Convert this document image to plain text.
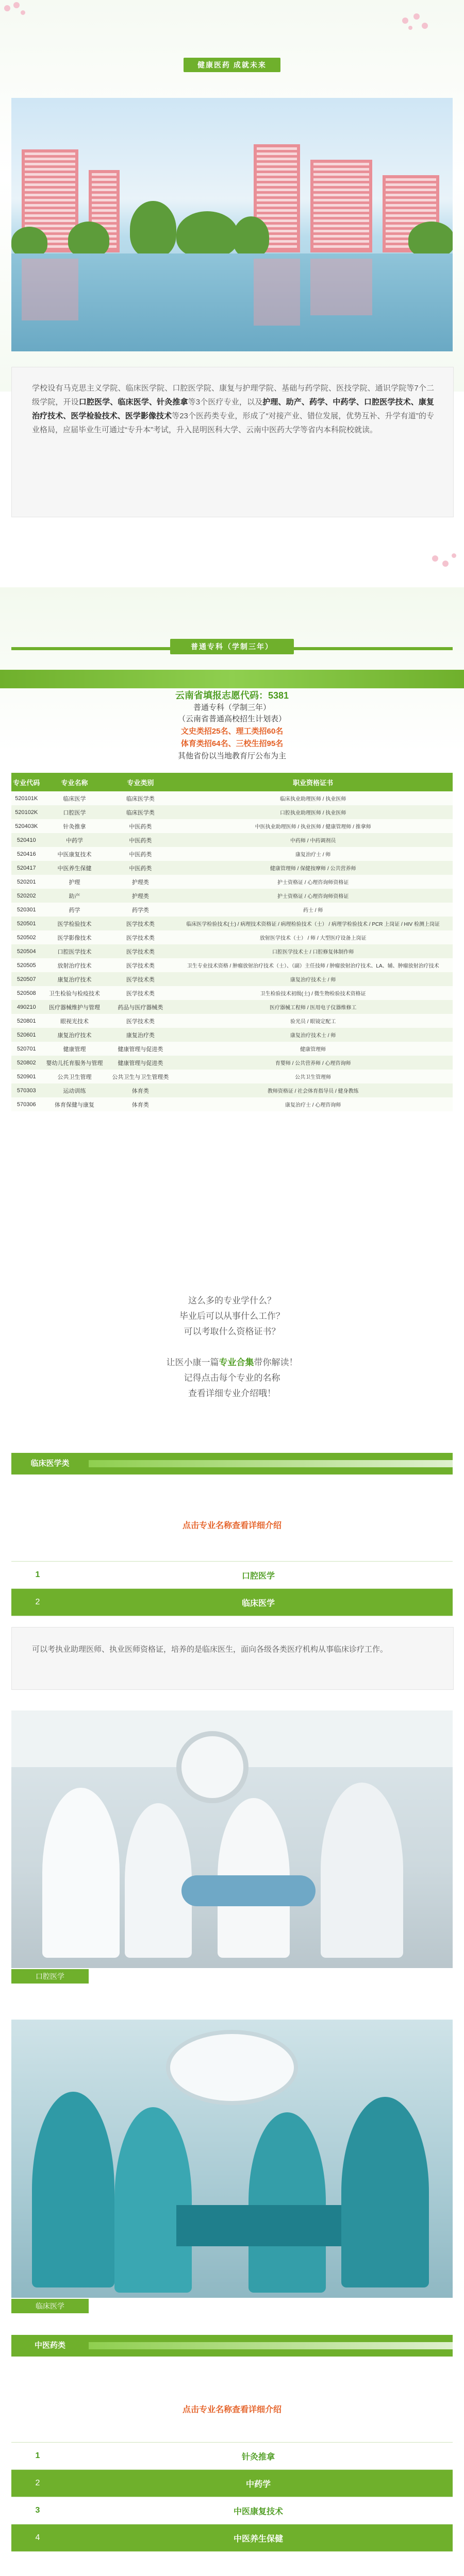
健康医药 成就未来
学校设有马克思主义学院、临床医学院、口腔医学院、康复与护理学院、基础与药学院、医技学院、通识学院等7个二级学院，开设口腔医学、临床医学、针灸推拿等3个医疗专业，以及护理、助产、药学、中药学、口腔医学技术、康复治疗技术、医学检验技术、医学影像技术等23个医药类专业，形成了“对接产业、错位发展，优势互补、升学有道”的专业格局，应届毕业生可通过“专升本”考试，升入昆明医科大学、云南中医药大学等省内本科院校就读。
普通专科（学制三年）
云南省填报志愿代码：5381
普通专科（学制三年）
（云南省普通高校招生计划表）
文史类招25名、理工类招60名
体育类招64名、三校生招95名
其他省份以当地教育厅公布为主
专业代码	专业名称	专业类别	职业资格证书
520101K	临床医学	临床医学类	临床执业助理医师 / 执业医师
520102K	口腔医学	临床医学类	口腔执业助理医师 / 执业医师
520403K	针灸推拿	中医药类	中医执业助理医师 / 执业医师 / 健康管理师 / 推拿师
520410	中药学	中医药类	中药师 / 中药调剂员
520416	中医康复技术	中医药类	康复治疗士 / 师
520417	中医养生保健	中医药类	健康管理师 / 保健按摩师 / 公共营养师
520201	护理	护理类	护士资格证 / 心理咨询师资格证
520202	助产	护理类	护士资格证 / 心理咨询师资格证
520301	药学	药学类	药士 / 师
520501	医学检验技术	医学技术类	临床医学检验技术(士) / 病理技术资格证 / 病理检验技术（士） / 病理学检验技术 / PCR 上岗证 / HIV 检测上岗证
520502	医学影像技术	医学技术类	放射医学技术（士） / 师 / 大型医疗设备上岗证
520504	口腔医学技术	医学技术类	口腔医学技术士 / 口腔修复体制作师
520505	放射治疗技术	医学技术类	卫生专业技术资格 / 肿瘤放射治疗技术（士）、（副）主任技师 / 肿瘤放射治疗技术、LA、辅、肿瘤放射治疗技术
520507	康复治疗技术	医学技术类	康复治疗技术士 / 师
520508	卫生检验与检疫技术	医学技术类	卫生检验技术初级(士) / 微生物检验技术资格证
490210	医疗器械维护与管理	药品与医疗器械类	医疗器械工程师 / 医用电子仪器维修工
520801	眼视光技术	医学技术类	验光员 / 眼镜定配工
520601	康复治疗技术	康复治疗类	康复治疗技术士 / 师
520701	健康管理	健康管理与促进类	健康管理师
520802	婴幼儿托育服务与管理	健康管理与促进类	育婴师 / 公共营养师 / 心理咨询师
520901	公共卫生管理	公共卫生与卫生管理类	公共卫生管理师
570303	运动训练	体育类	教师资格证 / 社会体育指导员 / 健身教练
570306	体育保健与康复	体育类	康复治疗士 / 心理咨询师
这么多的专业学什么？
毕业后可以从事什么工作？
可以考取什么资格证书？
让医小康一篇专业合集带你解读！
记得点击每个专业的名称
查看详细专业介绍哦！
临床医学类
点击专业名称查看详细介绍
1	口腔医学
2	临床医学
可以考执业助理医师、执业医师资格证，培养的是临床医生，面向各级各类医疗机构从事临床诊疗工作。
口腔医学
临床医学
中医药类
点击专业名称查看详细介绍
1	针灸推拿
2	中药学
3	中医康复技术
4	中医养生保健
